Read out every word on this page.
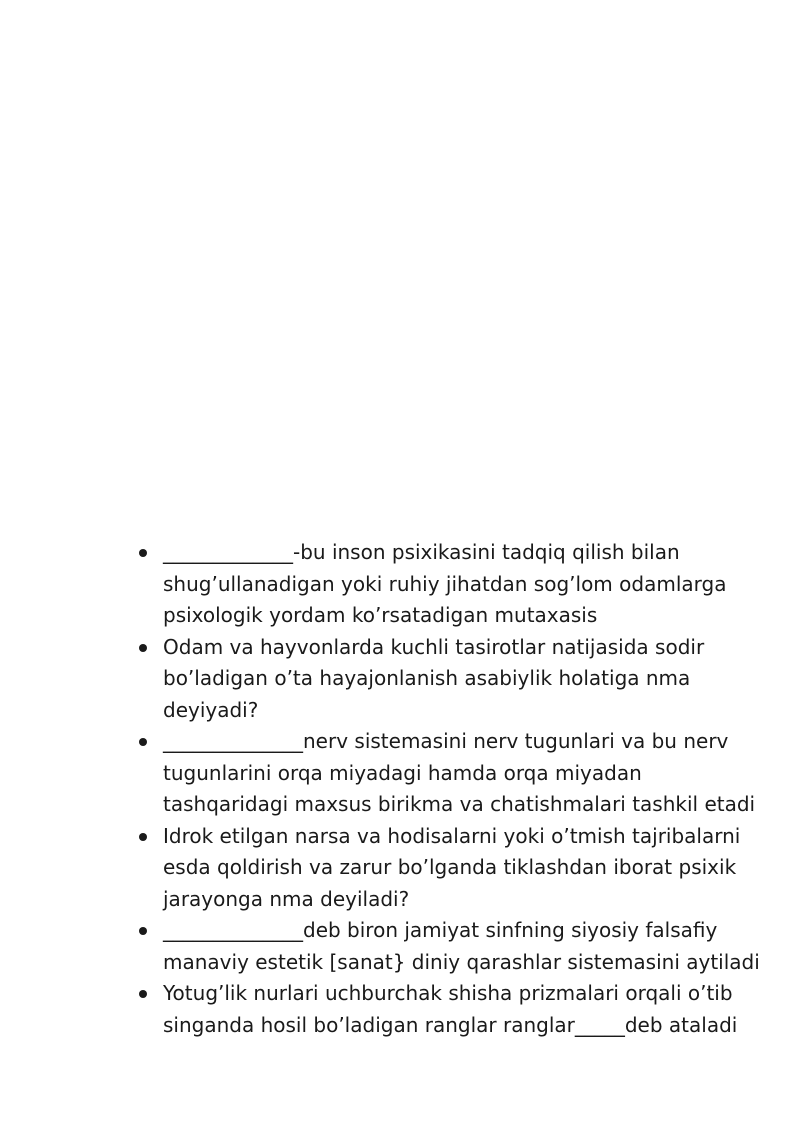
_____________-bu inson psixikasini tadqiq qilish bilan shug’ullanadigan yoki ruhiy jihatdan sog’lom odamlarga psixologik yordam ko’rsatadigan mutaxasis
Odam va hayvonlarda kuchli tasirotlar natijasida sodir bo’ladigan o’ta hayajonlanish asabiylik holatiga nma deyiyadi?
______________nerv sistemasini nerv tugunlari va bu nerv tugunlarini orqa miyadagi hamda orqa miyadan tashqaridagi maxsus birikma va chatishmalari tashkil etadi
Idrok etilgan narsa va hodisalarni yoki o’tmish tajribalarni esda qoldirish va zarur bo’lganda tiklashdan iborat psixik jarayonga nma deyiladi?
______________deb biron jamiyat sinfning siyosiy falsafiy manaviy estetik [sanat} diniy qarashlar sistemasini aytiladi
Yotug’lik nurlari uchburchak shisha prizmalari orqali o’tib singanda hosil bo’ladigan ranglar ranglar_____deb ataladi
